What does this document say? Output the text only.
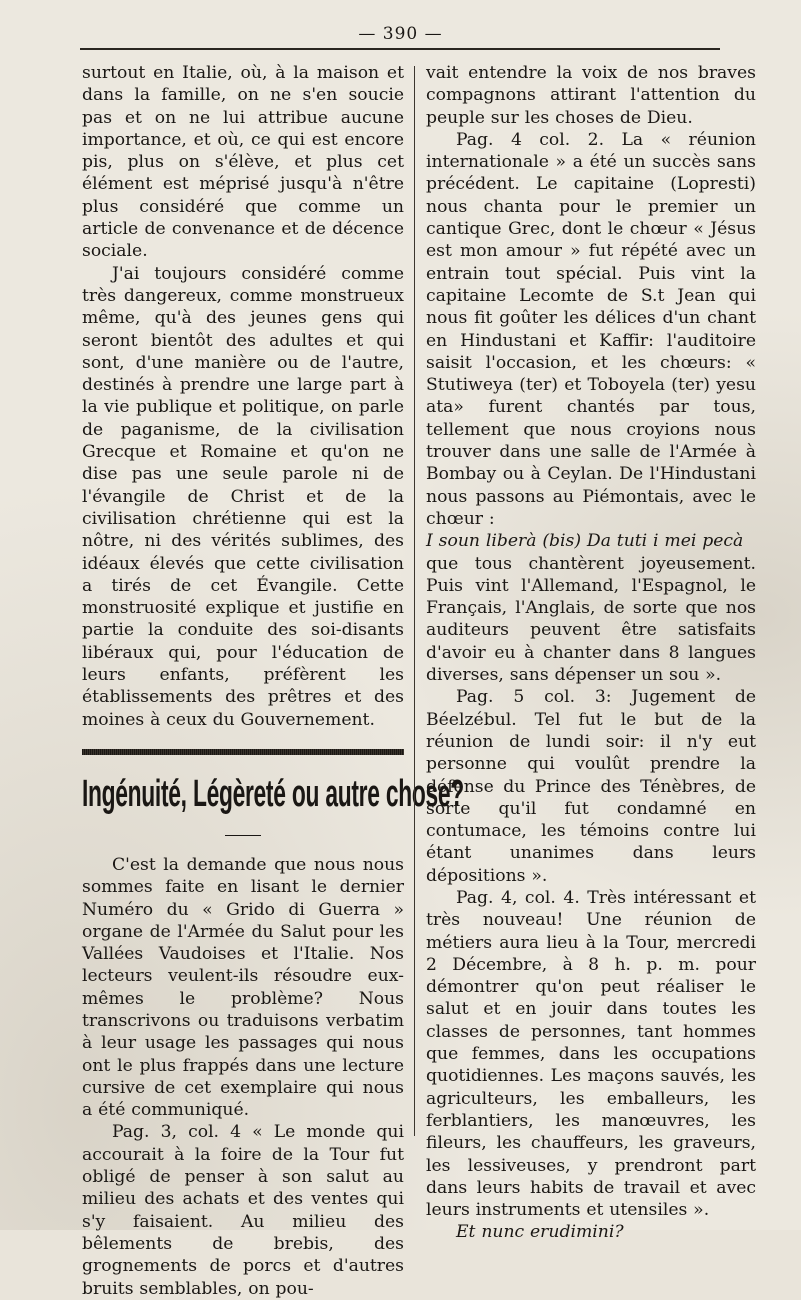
— 390 —

surtout en Italie, où, à la maison et dans la famille, on ne s'en soucie pas et on ne lui attribue aucune importance, et où, ce qui est encore pis, plus on s'élève, et plus cet élément est méprisé jusqu'à n'être plus considéré que comme un article de convenance et de décence sociale.

J'ai toujours considéré comme très dangereux, comme monstrueux même, qu'à des jeunes gens qui seront bientôt des adultes et qui sont, d'une manière ou de l'autre, destinés à prendre une large part à la vie publique et politique, on parle de paganisme, de la civilisation Grecque et Romaine et qu'on ne dise pas une seule parole ni de l'évangile de Christ et de la civilisation chrétienne qui est la nôtre, ni des vérités sublimes, des idéaux élevés que cette civilisation a tirés de cet Évangile. Cette monstruosité explique et justifie en partie la conduite des soi-disants libéraux qui, pour l'éducation de leurs enfants, préfèrent les établissements des prêtres et des moines à ceux du Gouvernement.

Ingénuité, Légèreté ou autre chose?

C'est la demande que nous nous sommes faite en lisant le dernier Numéro du « Grido di Guerra » organe de l'Armée du Salut pour les Vallées Vaudoises et l'Italie. Nos lecteurs veulent-ils résoudre eux-mêmes le problème? Nous transcrivons ou traduisons verbatim à leur usage les passages qui nous ont le plus frappés dans une lecture cursive de cet exemplaire qui nous a été communiqué.

Pag. 3, col. 4 « Le monde qui accourait à la foire de la Tour fut obligé de penser à son salut au milieu des achats et des ventes qui s'y faisaient. Au milieu des bêlements de brebis, des grognements de porcs et d'autres bruits semblables, on pou-

vait entendre la voix de nos braves compagnons attirant l'attention du peuple sur les choses de Dieu.

Pag. 4 col. 2. La « réunion internationale » a été un succès sans précédent. Le capitaine (Lopresti) nous chanta pour le premier un cantique Grec, dont le chœur « Jésus est mon amour » fut répété avec un entrain tout spécial. Puis vint la capitaine Lecomte de S.t Jean qui nous fit goûter les délices d'un chant en Hindustani et Kaffir: l'auditoire saisit l'occasion, et les chœurs: « Stutiweya (ter) et Toboyela (ter) yesu ata» furent chantés par tous, tellement que nous croyions nous trouver dans une salle de l'Armée à Bombay ou à Ceylan. De l'Hindustani nous passons au Piémontais, avec le chœur :

I soun liberà (bis) Da tuti i mei pecà

que tous chantèrent joyeusement. Puis vint l'Allemand, l'Espagnol, le Français, l'Anglais, de sorte que nos auditeurs peuvent être satisfaits d'avoir eu à chanter dans 8 langues diverses, sans dépenser un sou ».

Pag. 5 col. 3: Jugement de Béelzébul. Tel fut le but de la réunion de lundi soir: il n'y eut personne qui voulût prendre la défense du Prince des Ténèbres, de sorte qu'il fut condamné en contumace, les témoins contre lui étant unanimes dans leurs dépositions ».

Pag. 4, col. 4. Très intéressant et très nouveau! Une réunion de métiers aura lieu à la Tour, mercredi 2 Décembre, à 8 h. p. m. pour démontrer qu'on peut réaliser le salut et en jouir dans toutes les classes de personnes, tant hommes que femmes, dans les occupations quotidiennes. Les maçons sauvés, les agriculteurs, les emballeurs, les ferblantiers, les manœuvres, les fileurs, les chauffeurs, les graveurs, les lessiveuses, y prendront part dans leurs habits de travail et avec leurs instruments et utensiles ».

Et nunc erudimini?
